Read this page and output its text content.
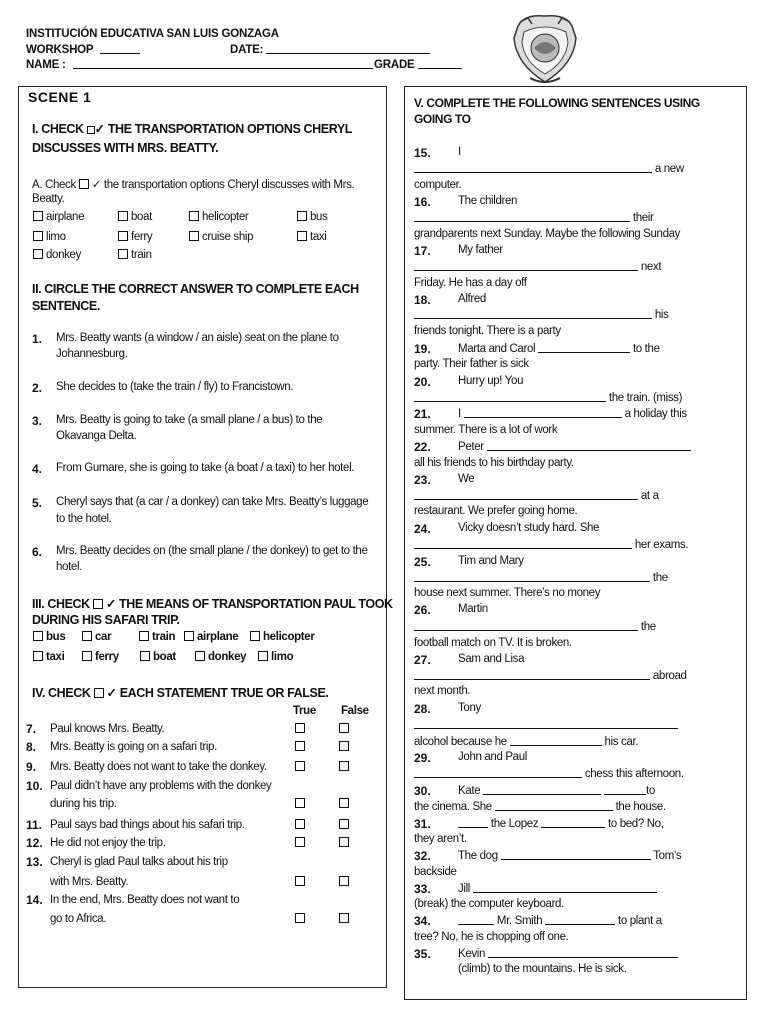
INSTITUCIÓN EDUCATIVA SAN LUIS GONZAGA
WORKSHOP	DATE:
NAME :	GRADE
SCENE 1
I. CHECK ✓ THE TRANSPORTATION OPTIONS CHERYL
DISCUSSES WITH MRS. BEATTY.
A. Check ✓ the transportation options Cheryl discusses with Mrs.
Beatty.
airplane	boat	helicopter	bus
limo	ferry	cruise ship	taxi
donkey	train
II. CIRCLE THE CORRECT ANSWER TO COMPLETE EACH
SENTENCE.
1. Mrs. Beatty wants (a window / an aisle) seat on the plane to
Johannesburg.
2. She decides to (take the train / fly) to Francistown.
3. Mrs. Beatty is going to take (a small plane / a bus) to the
Okavanga Delta.
4. From Gumare, she is going to take (a boat / a taxi) to her hotel.
5. Cheryl says that (a car / a donkey) can take Mrs. Beatty’s luggage
to the hotel.
6. Mrs. Beatty decides on (the small plane / the donkey) to get to the
hotel.
III. CHECK ✓ THE MEANS OF TRANSPORTATION PAUL TOOK
DURING HIS SAFARI TRIP.
bus	car	train	airplane	helicopter
taxi	ferry	boat	donkey	limo
IV. CHECK ✓ EACH STATEMENT TRUE OR FALSE.
True False
7. Paul knows Mrs. Beatty.
8. Mrs. Beatty is going on a safari trip.
9. Mrs. Beatty does not want to take the donkey.
10. Paul didn’t have any problems with the donkey
during his trip.
11. Paul says bad things about his safari trip.
12. He did not enjoy the trip.
13. Cheryl is glad Paul talks about his trip
with Mrs. Beatty.
14. In the end, Mrs. Beatty does not want to
go to Africa.
V. COMPLETE THE FOLLOWING SENTENCES USING
GOING TO
15. I
a new
computer.
16. The children
their
grandparents next Sunday. Maybe the following Sunday
17. My father
next
Friday. He has a day off
18. Alfred
his
friends tonight. There is a party
19. Marta and Carol	to the
party. Their father is sick
20. Hurry up! You
the train. (miss)
21. I	a holiday this
summer. There is a lot of work
22. Peter
all his friends to his birthday party.
23. We
at a
restaurant. We prefer going home.
24. Vicky doesn’t study hard. She
her exams.
25. Tim and Mary
the
house next summer. There’s no money
26. Martin
the
football match on TV. It is broken.
27. Sam and Lisa
abroad
next month.
28. Tony
alcohol because he	his car.
29. John and Paul
chess this afternoon.
30. Kate	to
the cinema. She	the house.
31.	the Lopez	to bed? No,
they aren’t.
32. The dog	Tom’s
backside
33. Jill
(break) the computer keyboard.
34.	Mr. Smith	to plant a
tree? No, he is chopping off one.
35. Kevin
(climb) to the mountains. He is sick.
